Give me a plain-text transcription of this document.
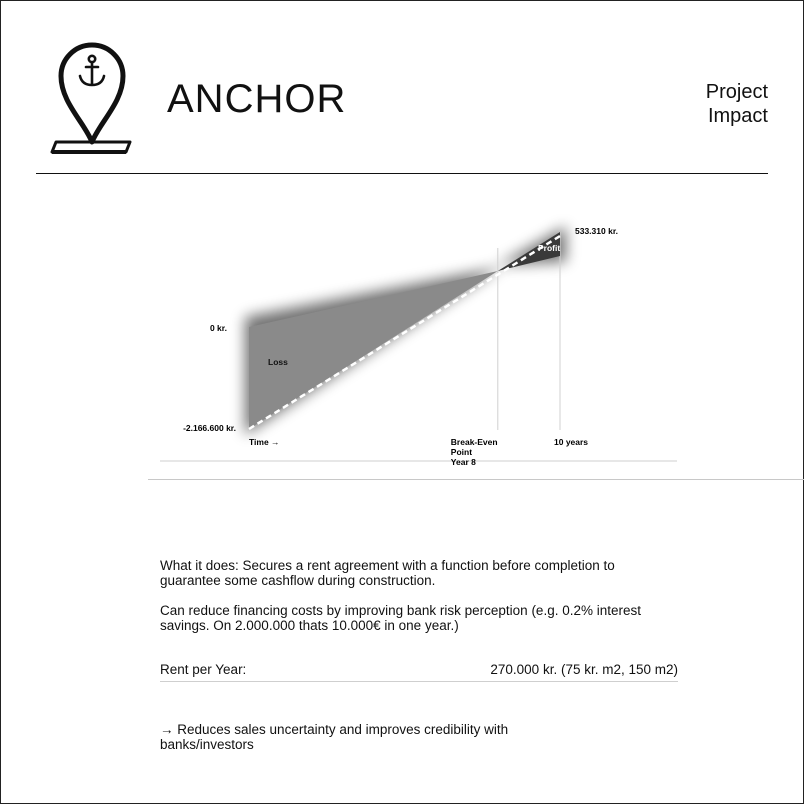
ANCHOR	Project
Impact
0 kr.
-2.166.600 kr.
533.310 kr.
Loss
Profit
Time →	Break-Even Point Year 8
10 years

What it does: Secures a rent agreement with a function before completion to guarantee some cashflow during construction.

Can reduce financing costs by improving bank risk perception (e.g. 0.2% interest savings. On 2.000.000 thats 10.000€ in one year.)

Rent per Year:	270.000 kr. (75 kr. m2, 150 m2)

→ Reduces sales uncertainty and improves credibility with banks/investors
